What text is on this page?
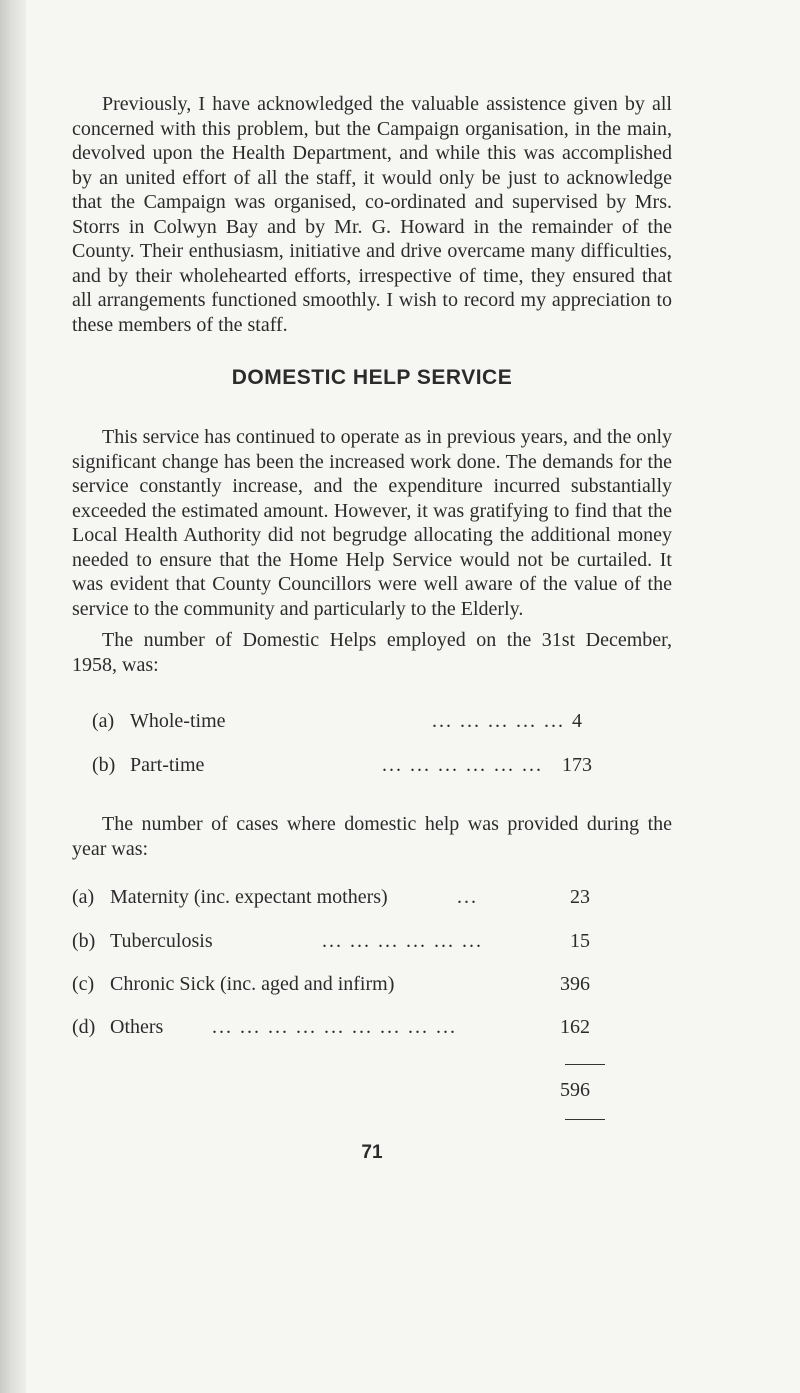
Previously, I have acknowledged the valuable assistence given by all concerned with this problem, but the Campaign organisation, in the main, devolved upon the Health Department, and while this was accomplished by an united effort of all the staff, it would only be just to acknowledge that the Campaign was organised, co-ordinated and supervised by Mrs. Storrs in Colwyn Bay and by Mr. G. Howard in the remainder of the County. Their enthusiasm, initiative and drive overcame many difficulties, and by their wholehearted efforts, irrespective of time, they ensured that all arrangements functioned smoothly. I wish to record my appreciation to these members of the staff.

DOMESTIC HELP SERVICE

This service has continued to operate as in previous years, and the only significant change has been the increased work done. The demands for the service constantly increase, and the expenditure incurred substantially exceeded the estimated amount. However, it was gratifying to find that the Local Health Authority did not begrudge allocating the additional money needed to ensure that the Home Help Service would not be curtailed. It was evident that County Councillors were well aware of the value of the service to the community and particularly to the Elderly.

The number of Domestic Helps employed on the 31st December, 1958, was:

(a) Whole-time	... ... ... ... ... 4
(b) Part-time	... ... ... ... ... ... 173

The number of cases where domestic help was provided during the year was:

(a) Maternity (inc. expectant mothers)	...	23
(b) Tuberculosis	... ... ... ... ... ...	15
(c) Chronic Sick (inc. aged and infirm)	396
(d) Others ... ... ... ... ... ... ... ... ...	162
596
71
